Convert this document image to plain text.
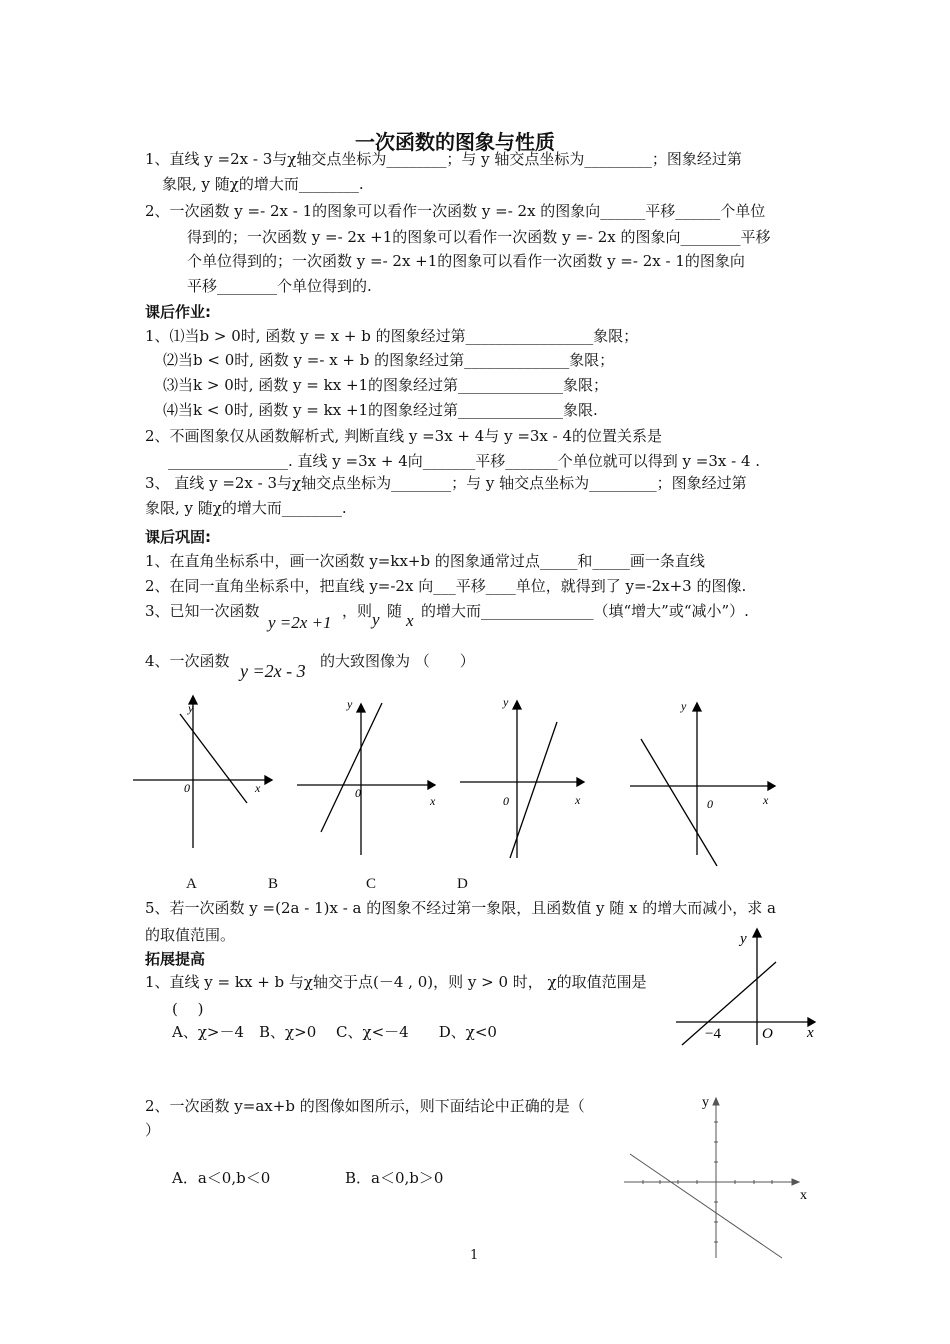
一次函数的图象与性质
1、直线 y =2x - 3与χ轴交点坐标为________；与 y 轴交点坐标为_________；图象经过第
象限, y 随χ的增大而________.
2、一次函数 y =- 2x - 1的图象可以看作一次函数 y =- 2x 的图象向______平移______个单位
得到的；一次函数 y =- 2x +1的图象可以看作一次函数 y =- 2x 的图象向________平移
个单位得到的；一次函数 y =- 2x +1的图象可以看作一次函数 y =- 2x - 1的图象向
平移________个单位得到的.
课后作业:
1、⑴当b > 0时, 函数 y = x + b 的图象经过第_________________象限；
⑵当b < 0时, 函数 y =- x + b 的图象经过第______________象限；
⑶当k > 0时, 函数 y = kx +1的图象经过第______________象限；
⑷当k < 0时, 函数 y = kx +1的图象经过第______________象限.
2、不画图象仅从函数解析式, 判断直线 y =3x + 4与 y =3x - 4的位置关系是
________________. 直线 y =3x + 4向_______平移_______个单位就可以得到 y =3x - 4 .
3、 直线 y =2x - 3与χ轴交点坐标为________；与 y 轴交点坐标为_________；图象经过第
象限, y 随χ的增大而________.
课后巩固:
1、在直角坐标系中，画一次函数 y=kx+b 的图象通常过点_____和_____画一条直线
2、在同一直角坐标系中，把直线 y=-2x 向___平移____单位，就得到了 y=-2x+3 的图像.
3、已知一次函数
y =2x +1
，则 y 随 x 的增大而_______________（填“增大”或“减小”）.
4、一次函数 y =2x - 3 的大致图像为 （　　）
y
x
0
y
x
0
y
x
0
y
x
0
A	B	C	D
5、若一次函数 y =(2a - 1)x - a 的图象不经过第一象限，且函数值 y 随 x 的增大而减小，求 a
的取值范围。
拓展提高
1、直线 y = kx + b 与χ轴交于点(－4 , 0)，则 y > 0 时， χ的取值范围是
(　 )
A、χ>－4　B、χ>0　 C、χ<－4　　D、χ<0
y
x
−4	O
2、一次函数 y=ax+b 的图像如图所示，则下面结论中正确的是（
）
A．a＜0,b＜0	B．a＜0,b＞0
y
x
1
